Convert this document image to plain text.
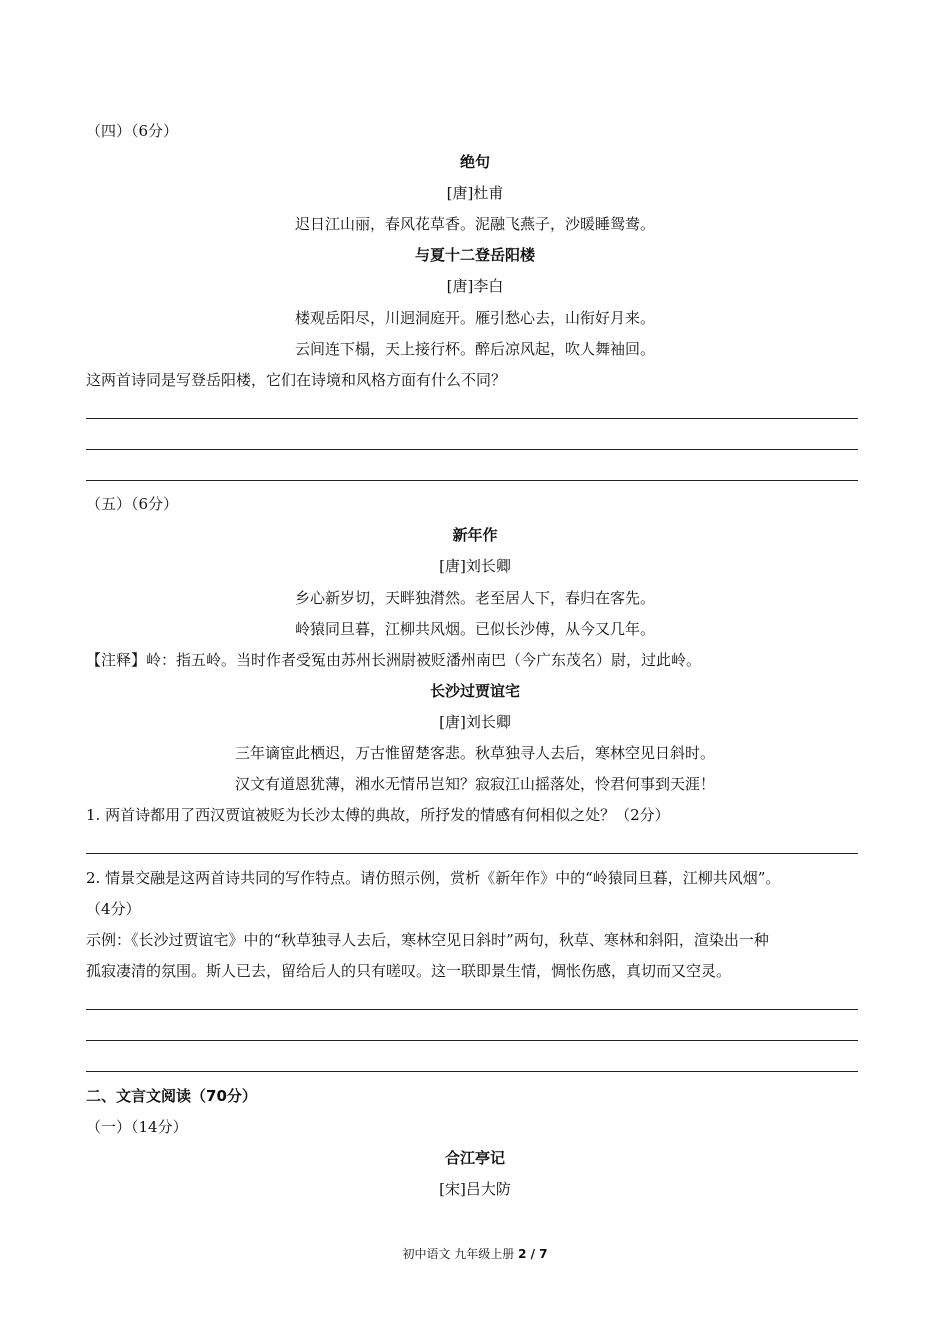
（四）（6分）
绝句
[唐]杜甫
迟日江山丽，春风花草香。泥融飞燕子，沙暖睡鸳鸯。
与夏十二登岳阳楼
[唐]李白
楼观岳阳尽，川迥洞庭开。雁引愁心去，山衔好月来。
云间连下榻，天上接行杯。醉后凉风起，吹人舞袖回。
这两首诗同是写登岳阳楼，它们在诗境和风格方面有什么不同？
（五）（6分）
新年作
[唐]刘长卿
乡心新岁切，天畔独潸然。老至居人下，春归在客先。
岭猿同旦暮，江柳共风烟。已似长沙傅，从今又几年。
【注释】岭：指五岭。当时作者受冤由苏州长洲尉被贬潘州南巴（今广东茂名）尉，过此岭。
长沙过贾谊宅
[唐]刘长卿
三年谪宦此栖迟，万古惟留楚客悲。秋草独寻人去后，寒林空见日斜时。
汉文有道恩犹薄，湘水无情吊岂知？寂寂江山摇落处，怜君何事到天涯！
1. 两首诗都用了西汉贾谊被贬为长沙太傅的典故，所抒发的情感有何相似之处？（2分）
2. 情景交融是这两首诗共同的写作特点。请仿照示例，赏析《新年作》中的“岭猿同旦暮，江柳共风烟”。
（4分）
示例：《长沙过贾谊宅》中的“秋草独寻人去后，寒林空见日斜时”两句，秋草、寒林和斜阳，渲染出一种
孤寂凄清的氛围。斯人已去，留给后人的只有嗟叹。这一联即景生情，惆怅伤感，真切而又空灵。
二、文言文阅读（70分）
（一）（14分）
合江亭记
[宋]吕大防
初中语文 九年级上册 2 / 7
